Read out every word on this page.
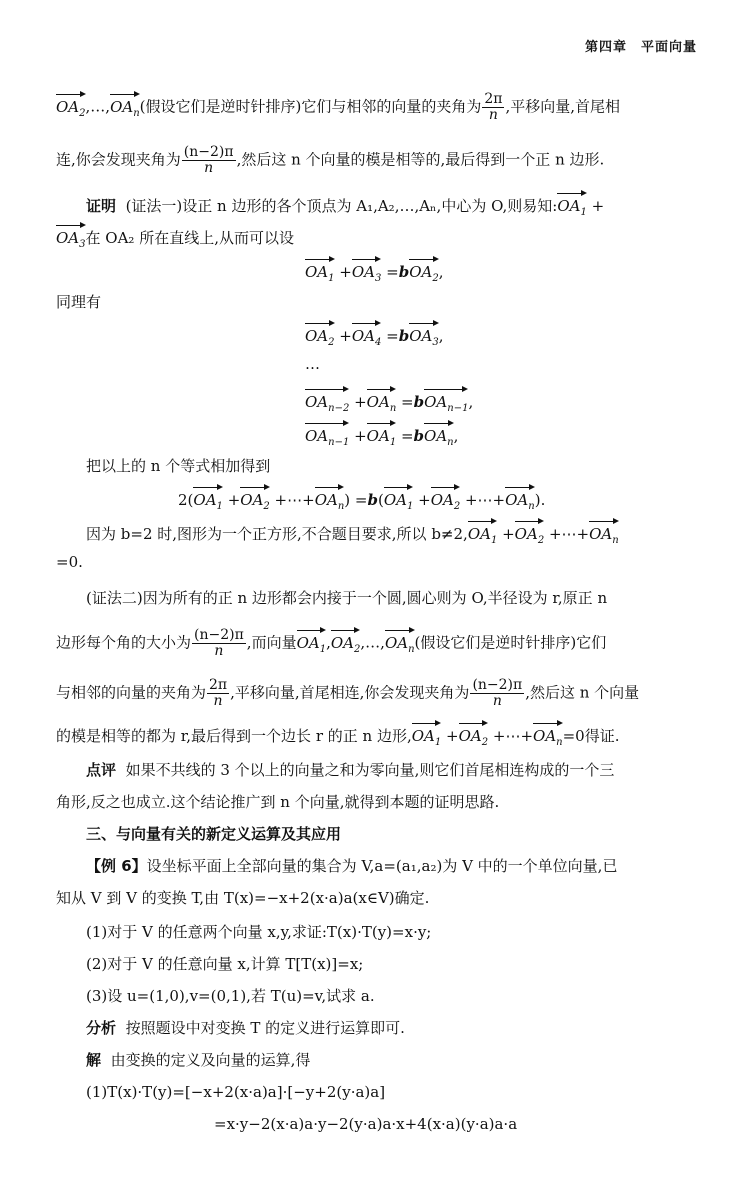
第四章　平面向量
$OA_2,\dots,OA_n$(假设它们是逆时针排序)它们与相邻的向量的夹角为 $\frac{2\pi}{n}$ ,平移向量,首尾相
连,你会发现夹角为 $\frac{(n-2)\pi}{n}$ ,然后这 n 个向量的模是相等的,最后得到一个正 n 边形.
证明 (证法一)设正 n 边形的各个顶点为 A₁,A₂,…,Aₙ,中心为 O,则易知$:OA_1$ +
$OA_3$在 OA₂ 所在直线上,从而可以设
$OA_1 +OA_3 =bOA_2$,
同理有
$OA_2 +OA_4 =bOA_3$,
…
$OA_{n-2} +OA_n =bOA_{n-1}$,
$OA_{n-1} +OA_1 =bOA_n$,
把以上的 n 个等式相加得到
$2(OA_1 +OA_2$ $+\cdots+OA_n) =b(OA_1 +OA_2$ $+\cdots+OA_n$).
因为 b=2 时,图形为一个正方形,不合题目要求,所以 $b\ne 2,OA_1 +OA_2$ $+\cdots+OA_n$
=0.
(证法二)因为所有的正 n 边形都会内接于一个圆,圆心则为 O,半径设为 r,原正 n
边形每个角的大小为 $\frac{(n-2)\pi}{n}$ ,而向量$OA_1,OA_2,\dots,OA_n$(假设它们是逆时针排序)它们
与相邻的向量的夹角为 $\frac{2\pi}{n}$ ,平移向量,首尾相连,你会发现夹角为 $\frac{(n-2)\pi}{n}$ ,然后这 n 个向量
的模是相等的都为 r,最后得到一个边长 r 的正 n 边形$,OA_1 +OA_2$ $+\cdots+OA_n=0$得证.
点评 如果不共线的 3 个以上的向量之和为零向量,则它们首尾相连构成的一个三
角形,反之也成立.这个结论推广到 n 个向量,就得到本题的证明思路.
三、与向量有关的新定义运算及其应用
【例 6】设坐标平面上全部向量的集合为 V,a=(a₁,a₂)为 V 中的一个单位向量,已
知从 V 到 V 的变换 T,由 T(x)=−x+2(x·a)a(x∈V)确定.
(1)对于 V 的任意两个向量 x,y,求证:T(x)·T(y)=x·y;
(2)对于 V 的任意向量 x,计算 T[T(x)]=x;
(3)设 u=(1,0),v=(0,1),若 T(u)=v,试求 a.
分析 按照题设中对变换 T 的定义进行运算即可.
解 由变换的定义及向量的运算,得
(1)T(x)·T(y)=[−x+2(x·a)a]·[−y+2(y·a)a]
=x·y−2(x·a)a·y−2(y·a)a·x+4(x·a)(y·a)a·a
